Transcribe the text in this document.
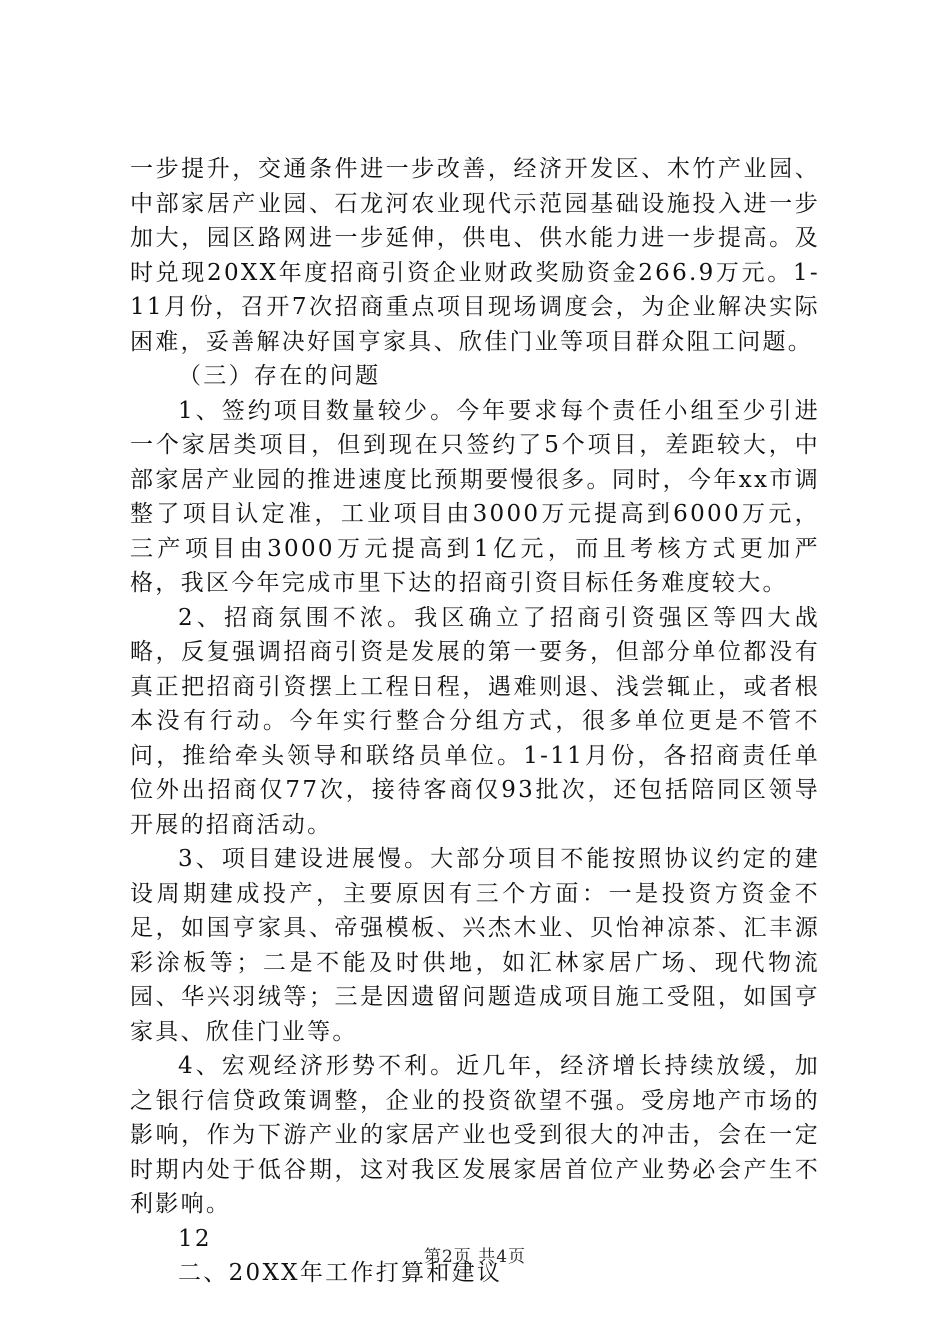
一步提升，交通条件进一步改善，经济开发区、木竹产业园、中部家居产业园、石龙河农业现代示范园基础设施投入进一步加大，园区路网进一步延伸，供电、供水能力进一步提高。及时兑现20XX年度招商引资企业财政奖励资金266.9万元。1-11月份，召开7次招商重点项目现场调度会，为企业解决实际困难，妥善解决好国亨家具、欣佳门业等项目群众阻工问题。

（三）存在的问题

1、签约项目数量较少。今年要求每个责任小组至少引进一个家居类项目，但到现在只签约了5个项目，差距较大，中部家居产业园的推进速度比预期要慢很多。同时，今年xx市调整了项目认定准，工业项目由3000万元提高到6000万元，三产项目由3000万元提高到1亿元，而且考核方式更加严格，我区今年完成市里下达的招商引资目标任务难度较大。

2、招商氛围不浓。我区确立了招商引资强区等四大战略，反复强调招商引资是发展的第一要务，但部分单位都没有真正把招商引资摆上工程日程，遇难则退、浅尝辄止，或者根本没有行动。今年实行整合分组方式，很多单位更是不管不问，推给牵头领导和联络员单位。1-11月份，各招商责任单位外出招商仅77次，接待客商仅93批次，还包括陪同区领导开展的招商活动。

3、项目建设进展慢。大部分项目不能按照协议约定的建设周期建成投产，主要原因有三个方面：一是投资方资金不足，如国亨家具、帝强模板、兴杰木业、贝怡神凉茶、汇丰源彩涂板等；二是不能及时供地，如汇林家居广场、现代物流园、华兴羽绒等；三是因遗留问题造成项目施工受阻，如国亨家具、欣佳门业等。

4、宏观经济形势不利。近几年，经济增长持续放缓，加之银行信贷政策调整，企业的投资欲望不强。受房地产市场的影响，作为下游产业的家居产业也受到很大的冲击，会在一定时期内处于低谷期，这对我区发展家居首位产业势必会产生不利影响。

12

二、20XX年工作打算和建议

第2页 共4页
